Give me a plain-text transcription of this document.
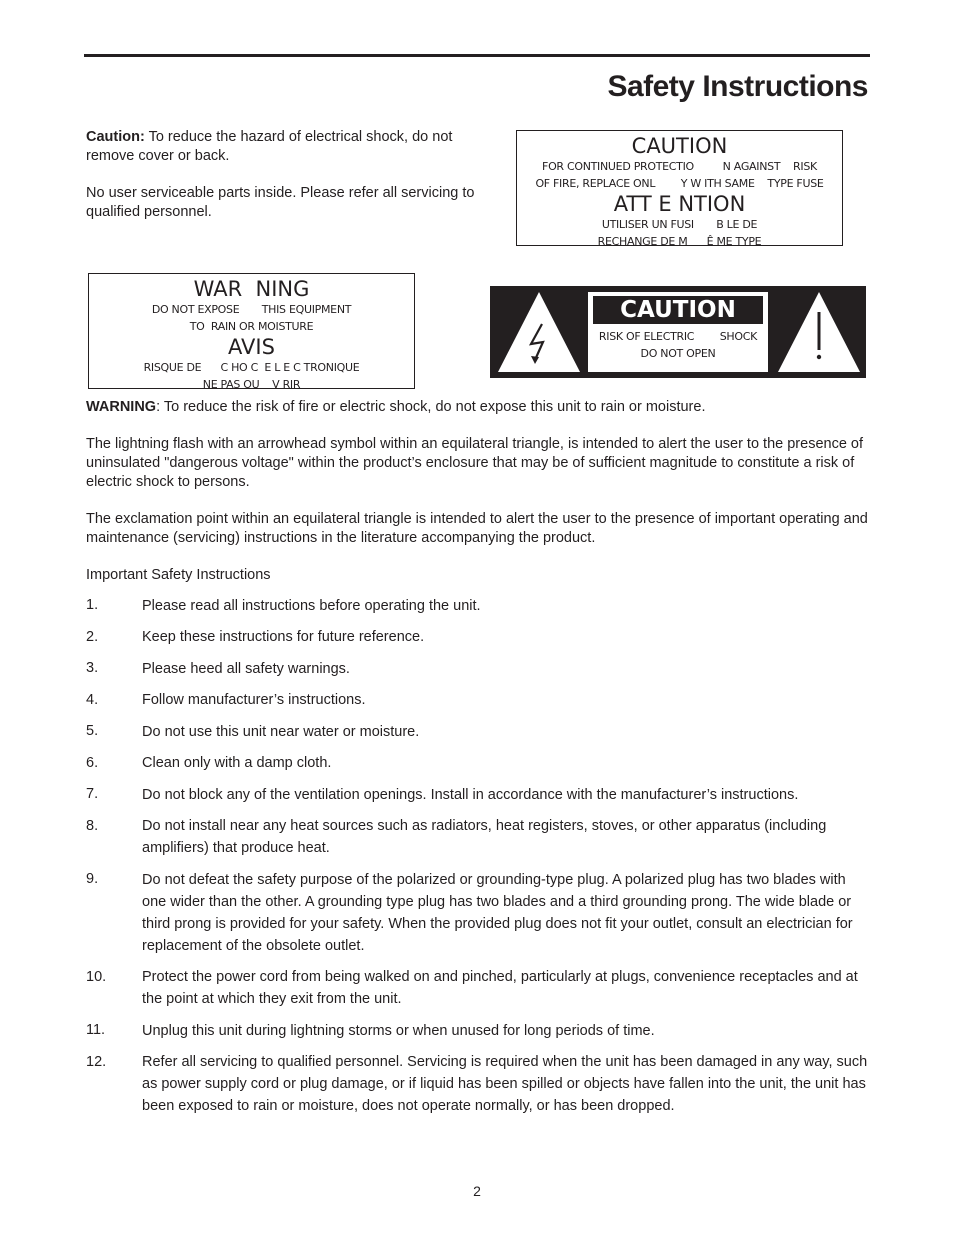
Safety Instructions

Caution: To reduce the hazard of electrical shock, do not remove cover or back.

No user serviceable parts inside. Please refer all servicing to qualified personnel.

CAUTION
FOR CONTINUED PROTECTIO         N AGAINST    RISK
OF FIRE, REPLACE ONL        Y W ITH SAME    TYPE FUSE
ATT E NTION
UTILISER UN FUSI       B LE DE
RECHANGE DE M      Ê ME TYPE
WAR  NING
DO NOT EXPOSE       THIS EQUIPMENT
TO  RAIN OR MOISTURE
AVIS
RISQUE DE      C HO C  E L E C TRONIQUE
NE PAS OU    V RIR
CAUTION
RISK OF ELECTRIC        SHOCK
DO NOT OPEN

WARNING: To reduce the risk of fire or electric shock, do not expose this unit to rain or moisture.

The lightning flash with an arrowhead symbol within an equilateral triangle, is intended to alert the user to the presence of uninsulated "dangerous voltage" within the product’s enclosure that may be of sufficient magnitude to constitute a risk of electric shock to persons.

The exclamation point within an equilateral triangle is intended to alert the user to the presence of important operating and maintenance (servicing) instructions in the literature accompanying the product.

Important Safety Instructions
1.	Please read all instructions before operating the unit.
2.	Keep these instructions for future reference.
3.	Please heed all safety warnings.
4.	Follow manufacturer’s instructions.
5.	Do not use this unit near water or moisture.
6.	Clean only with a damp cloth.
7.	Do not block any of the ventilation openings. Install in accordance with the manufacturer’s instructions.
8.	Do not install near any heat sources such as radiators, heat registers, stoves, or other apparatus (including amplifiers) that produce heat.
9.	Do not defeat the safety purpose of the polarized or grounding-type plug. A polarized plug has two blades with one wider than the other. A grounding type plug has two blades and a third grounding prong. The wide blade or third prong is provided for your safety. When the provided plug does not fit your outlet, consult an electrician for replacement of the obsolete outlet.
10.	Protect the power cord from being walked on and pinched, particularly at plugs, convenience receptacles and at the point at which they exit from the unit.
11.	Unplug this unit during lightning storms or when unused for long periods of time.
12.	Refer all servicing to qualified personnel. Servicing is required when the unit has been damaged in any way, such as power supply cord or plug damage, or if liquid has been spilled or objects have fallen into the unit, the unit has been exposed to rain or moisture, does not operate normally, or has been dropped.
2
